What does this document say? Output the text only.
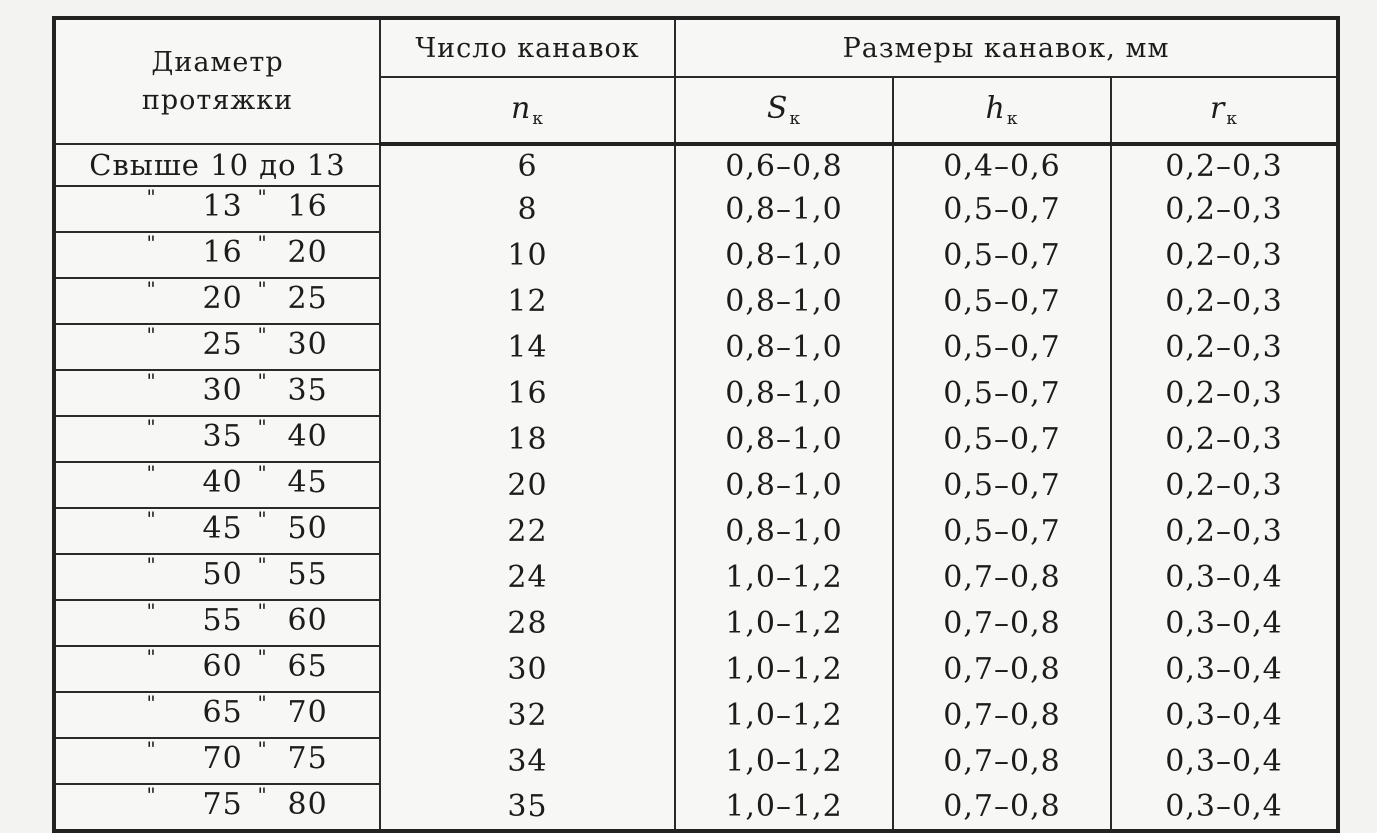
Диаметр протяжки	Число канавок	Размеры канавок, мм		
	$n_к$	$S_к$	$h_к$	$r_к$
Свыше 10 до 13	6	0,6–0,8	0,4–0,6	0,2–0,3

" 13 " 16	8	0,8–1,0	0,5–0,7	0,2–0,3

" 16 " 20	10	0,8–1,0	0,5–0,7	0,2–0,3

" 20 " 25	12	0,8–1,0	0,5–0,7	0,2–0,3

" 25 " 30	14	0,8–1,0	0,5–0,7	0,2–0,3

" 30 " 35	16	0,8–1,0	0,5–0,7	0,2–0,3

" 35 " 40	18	0,8–1,0	0,5–0,7	0,2–0,3

" 40 " 45	20	0,8–1,0	0,5–0,7	0,2–0,3

" 45 " 50	22	0,8–1,0	0,5–0,7	0,2–0,3

" 50 " 55	24	1,0–1,2	0,7–0,8	0,3–0,4

" 55 " 60	28	1,0–1,2	0,7–0,8	0,3–0,4

" 60 " 65	30	1,0–1,2	0,7–0,8	0,3–0,4

" 65 " 70	32	1,0–1,2	0,7–0,8	0,3–0,4

" 70 " 75	34	1,0–1,2	0,7–0,8	0,3–0,4

" 75 " 80	35	1,0–1,2	0,7–0,8	0,3–0,4
